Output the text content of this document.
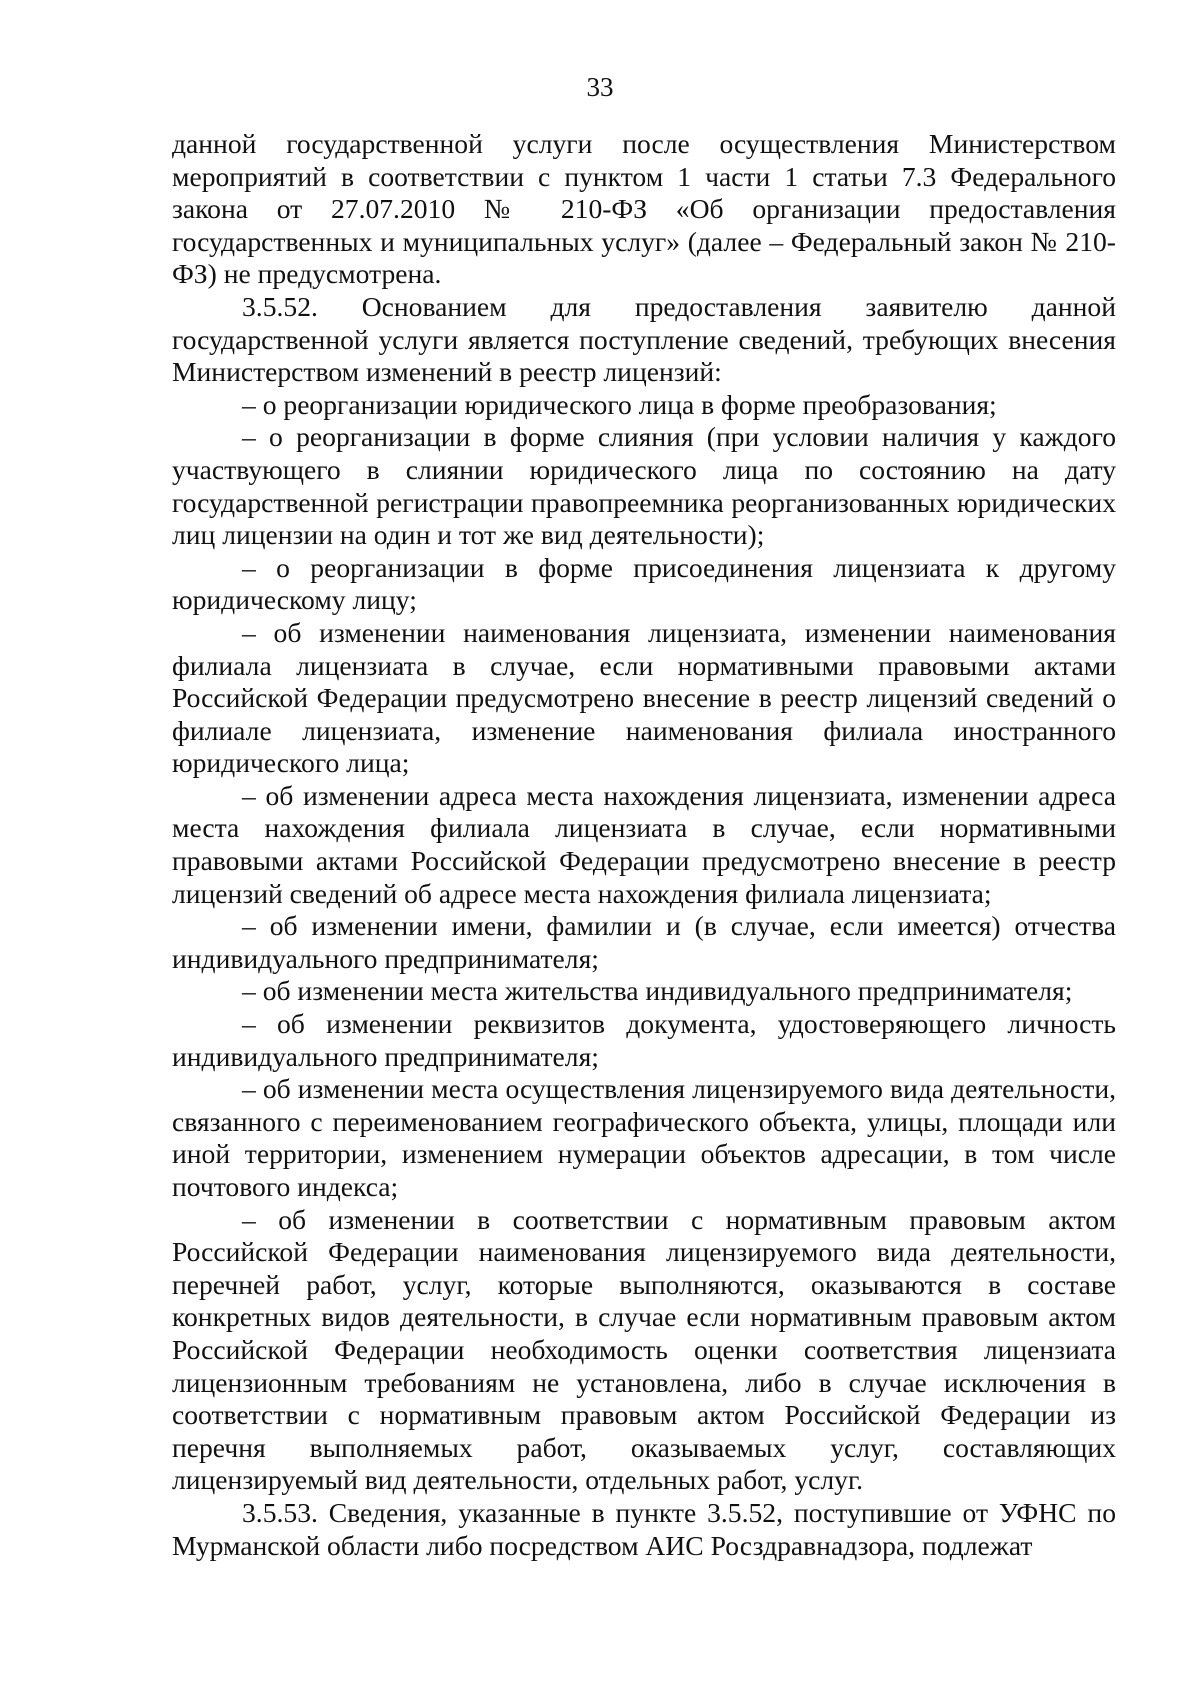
33

данной государственной услуги после осуществления Министерством мероприятий в соответствии с пунктом 1 части 1 статьи 7.3 Федерального закона от 27.07.2010 № 210-ФЗ «Об организации предоставления государственных и муниципальных услуг» (далее – Федеральный закон № 210-ФЗ) не предусмотрена.

3.5.52. Основанием для предоставления заявителю данной государственной услуги является поступление сведений, требующих внесения Министерством изменений в реестр лицензий:

– о реорганизации юридического лица в форме преобразования;

– о реорганизации в форме слияния (при условии наличия у каждого участвующего в слиянии юридического лица по состоянию на дату государственной регистрации правопреемника реорганизованных юридических лиц лицензии на один и тот же вид деятельности);

– о реорганизации в форме присоединения лицензиата к другому юридическому лицу;

– об изменении наименования лицензиата, изменении наименования филиала лицензиата в случае, если нормативными правовыми актами Российской Федерации предусмотрено внесение в реестр лицензий сведений о филиале лицензиата, изменение наименования филиала иностранного юридического лица;

– об изменении адреса места нахождения лицензиата, изменении адреса места нахождения филиала лицензиата в случае, если нормативными правовыми актами Российской Федерации предусмотрено внесение в реестр лицензий сведений об адресе места нахождения филиала лицензиата;

– об изменении имени, фамилии и (в случае, если имеется) отчества индивидуального предпринимателя;

– об изменении места жительства индивидуального предпринимателя;

– об изменении реквизитов документа, удостоверяющего личность индивидуального предпринимателя;

– об изменении места осуществления лицензируемого вида деятельности, связанного с переименованием географического объекта, улицы, площади или иной территории, изменением нумерации объектов адресации, в том числе почтового индекса;

– об изменении в соответствии с нормативным правовым актом Российской Федерации наименования лицензируемого вида деятельности, перечней работ, услуг, которые выполняются, оказываются в составе конкретных видов деятельности, в случае если нормативным правовым актом Российской Федерации необходимость оценки соответствия лицензиата лицензионным требованиям не установлена, либо в случае исключения в соответствии с нормативным правовым актом Российской Федерации из перечня выполняемых работ, оказываемых услуг, составляющих лицензируемый вид деятельности, отдельных работ, услуг.

3.5.53. Сведения, указанные в пункте 3.5.52, поступившие от УФНС по Мурманской области либо посредством АИС Росздравнадзора, подлежат
